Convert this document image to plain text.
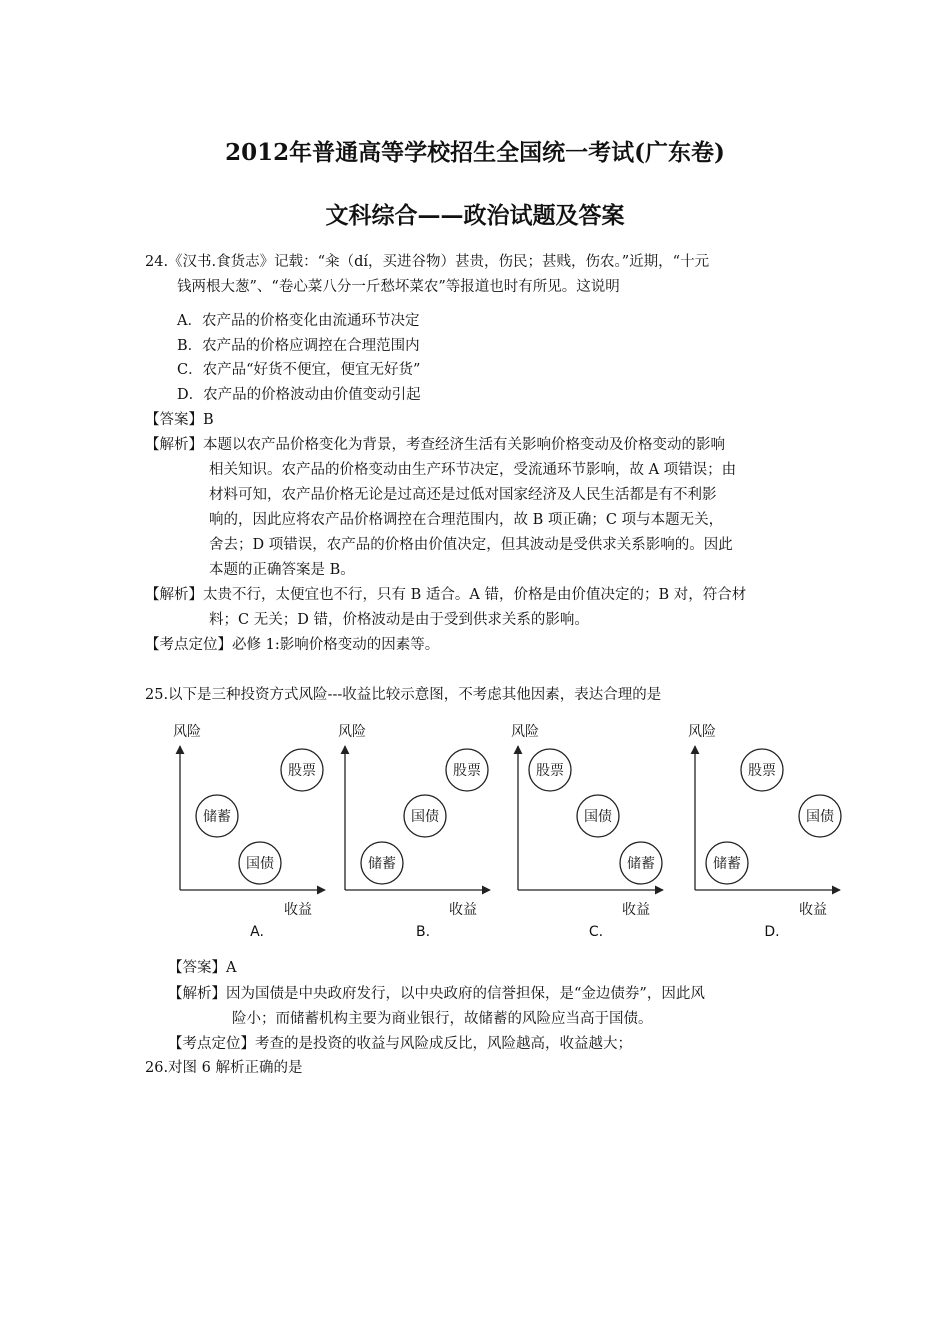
2012年普通高等学校招生全国统一考试(广东卷)
文科综合——政治试题及答案
24.《汉书.食货志》记载：“籴（dí，买进谷物）甚贵，伤民；甚贱，伤农。”近期，“十元
钱两根大葱”、“卷心菜八分一斤愁坏菜农”等报道也时有所见。这说明
A．农产品的价格变化由流通环节决定
B．农产品的价格应调控在合理范围内
C．农产品“好货不便宜，便宜无好货”
D．农产品的价格波动由价值变动引起
【答案】B
【解析】本题以农产品价格变化为背景，考查经济生活有关影响价格变动及价格变动的影响
相关知识。农产品的价格变动由生产环节决定，受流通环节影响，故 A 项错误；由
材料可知，农产品价格无论是过高还是过低对国家经济及人民生活都是有不利影
响的，因此应将农产品价格调控在合理范围内，故 B 项正确；C 项与本题无关，
舍去；D 项错误，农产品的价格由价值决定，但其波动是受供求关系影响的。因此
本题的正确答案是 B。
【解析】太贵不行，太便宜也不行，只有 B 适合。A 错，价格是由价值决定的；B 对，符合材
料；C 无关；D 错，价格波动是由于受到供求关系的影响。
【考点定位】必修 1:影响价格变动的因素等。
25.以下是三种投资方式风险---收益比较示意图，不考虑其他因素，表达合理的是
风险
收益
股票
储蓄
国债
A.
风险
收益
股票
国债
储蓄
B.
风险
收益
股票
国债
储蓄
C.
风险
收益
股票
国债
储蓄
D.
【答案】A
【解析】因为国债是中央政府发行，以中央政府的信誉担保，是“金边债券”，因此风
险小；而储蓄机构主要为商业银行，故储蓄的风险应当高于国债。
【考点定位】考查的是投资的收益与风险成反比，风险越高，收益越大；
26.对图 6 解析正确的是
